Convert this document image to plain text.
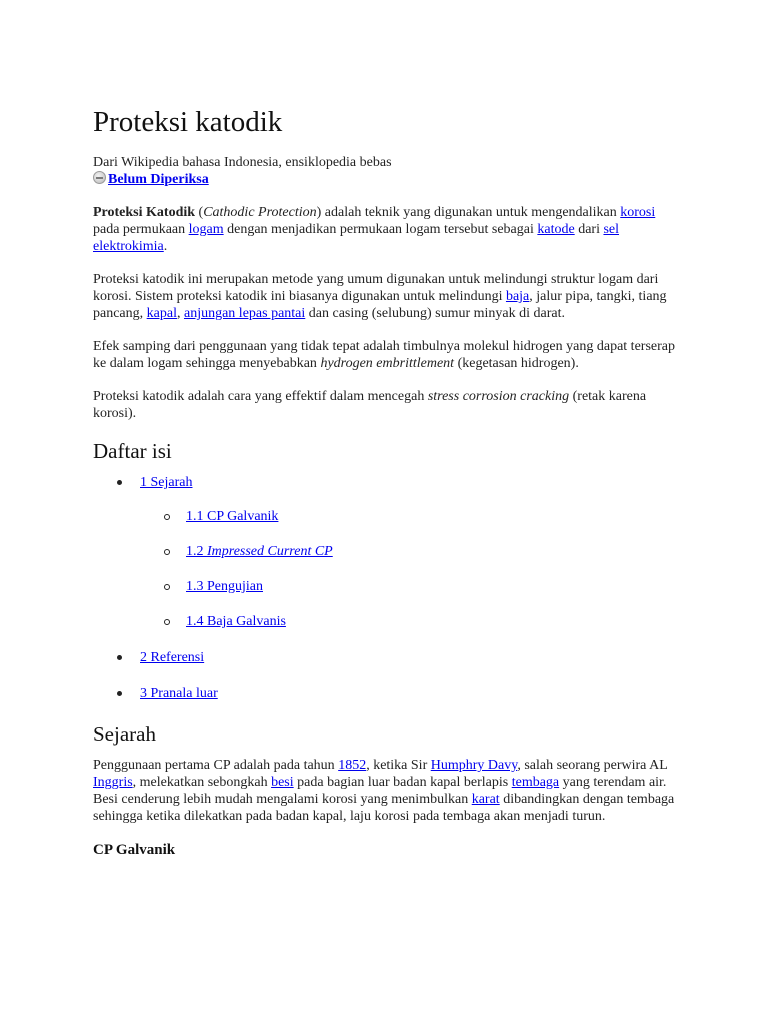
Proteksi katodik

Dari Wikipedia bahasa Indonesia, ensiklopedia bebas

Belum Diperiksa

Proteksi Katodik (Cathodic Protection) adalah teknik yang digunakan untuk mengendalikan korosi pada permukaan logam dengan menjadikan permukaan logam tersebut sebagai katode dari sel elektrokimia.

Proteksi katodik ini merupakan metode yang umum digunakan untuk melindungi struktur logam dari korosi. Sistem proteksi katodik ini biasanya digunakan untuk melindungi baja, jalur pipa, tangki, tiang pancang, kapal, anjungan lepas pantai dan casing (selubung) sumur minyak di darat.

Efek samping dari penggunaan yang tidak tepat adalah timbulnya molekul hidrogen yang dapat terserap ke dalam logam sehingga menyebabkan hydrogen embrittlement (kegetasan hidrogen).

Proteksi katodik adalah cara yang effektif dalam mencegah stress corrosion cracking (retak karena korosi).

Daftar isi
1 Sejarah
1.1 CP Galvanik
1.2 Impressed Current CP
1.3 Pengujian
1.4 Baja Galvanis
2 Referensi
3 Pranala luar
Sejarah

Penggunaan pertama CP adalah pada tahun 1852, ketika Sir Humphry Davy, salah seorang perwira AL Inggris, melekatkan sebongkah besi pada bagian luar badan kapal berlapis tembaga yang terendam air. Besi cenderung lebih mudah mengalami korosi yang menimbulkan karat dibandingkan dengan tembaga sehingga ketika dilekatkan pada badan kapal, laju korosi pada tembaga akan menjadi turun.

CP Galvanik
